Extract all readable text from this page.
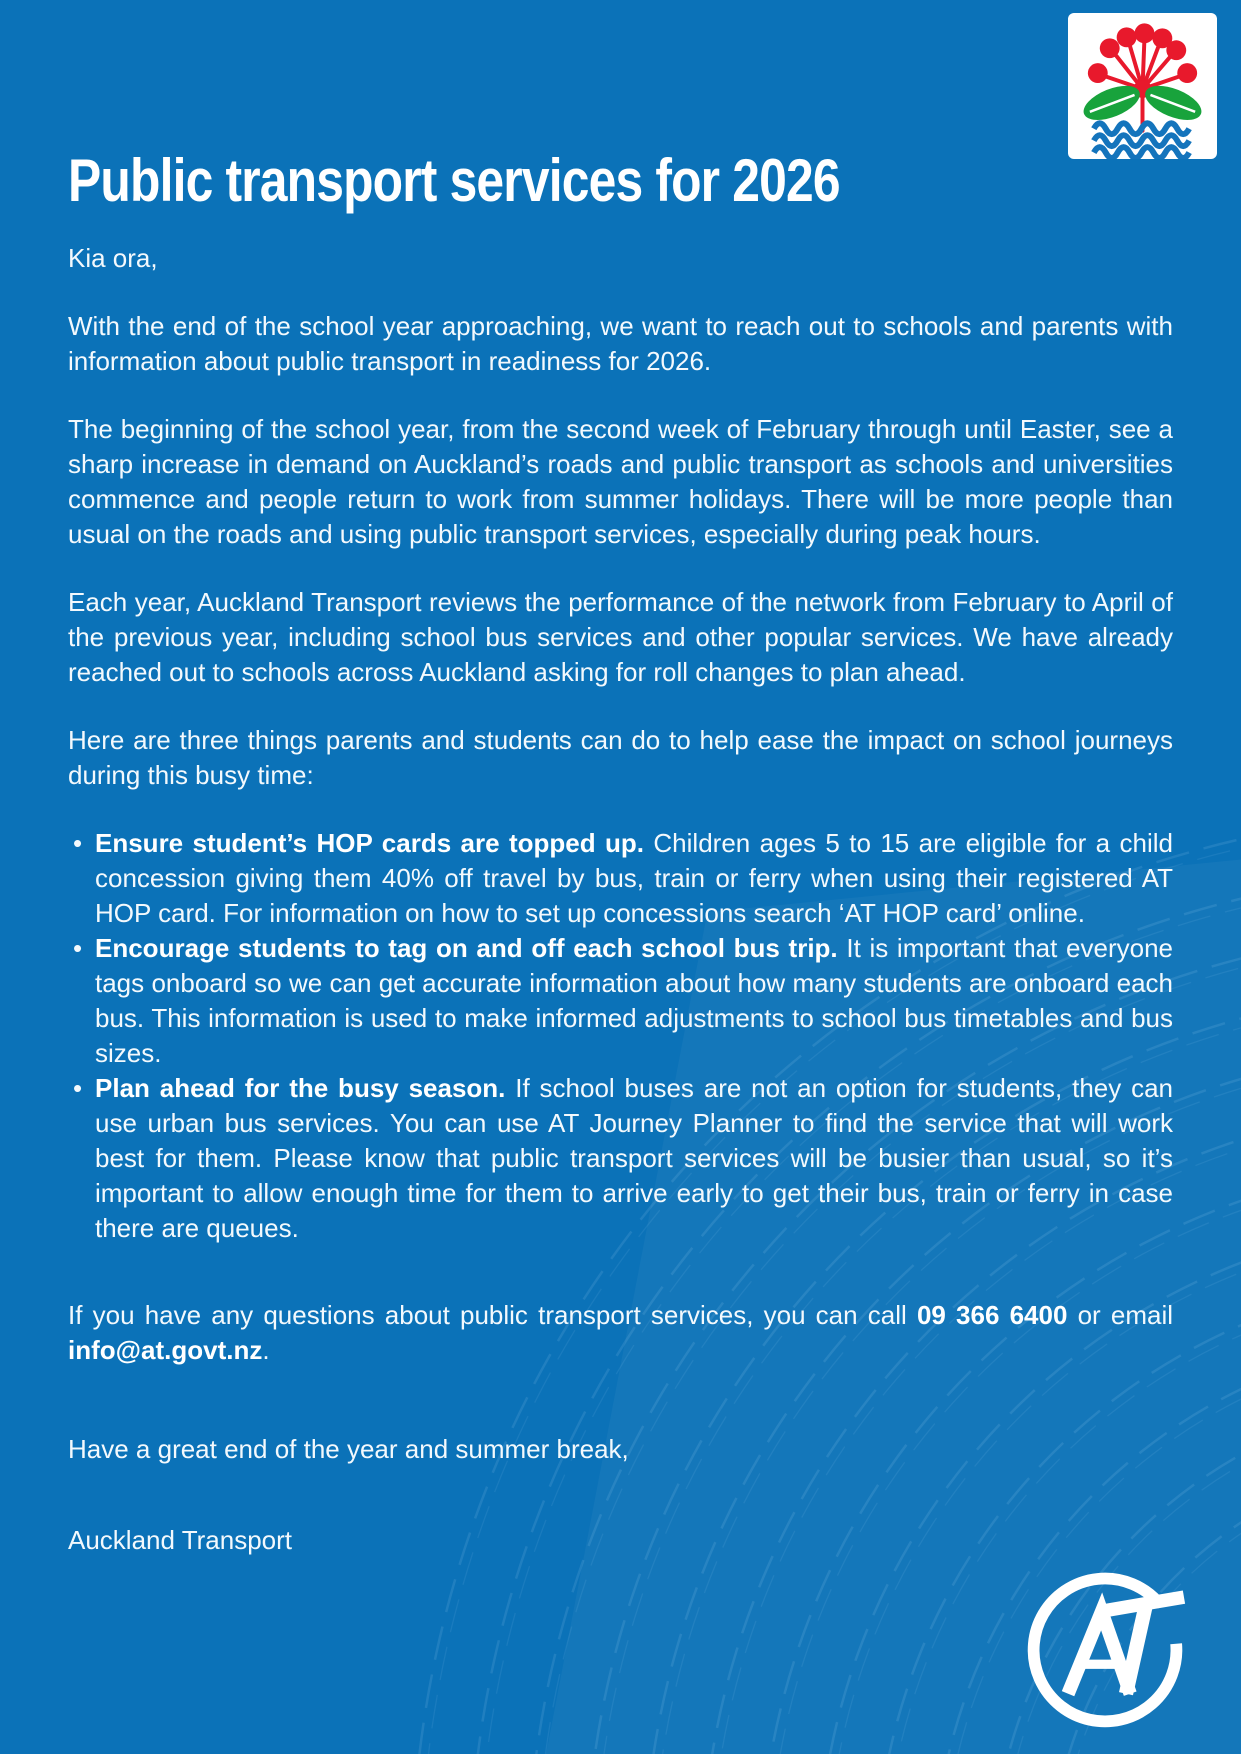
Public transport services for 2026

Kia ora,

With the end of the school year approaching, we want to reach out to schools and parents with information about public transport in readiness for 2026.

The beginning of the school year, from the second week of February through until Easter, see a sharp increase in demand on Auckland’s roads and public transport as schools and universities commence and people return to work from summer holidays. There will be more people than usual on the roads and using public transport services, especially during peak hours.

Each year, Auckland Transport reviews the performance of the network from February to April of the previous year, including school bus services and other popular services. We have already reached out to schools across Auckland asking for roll changes to plan ahead.

Here are three things parents and students can do to help ease the impact on school journeys during this busy time:

• Ensure student’s HOP cards are topped up. Children ages 5 to 15 are eligible for a child concession giving them 40% off travel by bus, train or ferry when using their registered AT HOP card. For information on how to set up concessions search ‘AT HOP card’ online.
• Encourage students to tag on and off each school bus trip. It is important that everyone tags onboard so we can get accurate information about how many students are onboard each bus. This information is used to make informed adjustments to school bus timetables and bus sizes.
• Plan ahead for the busy season. If school buses are not an option for students, they can use urban bus services. You can use AT Journey Planner to find the service that will work best for them. Please know that public transport services will be busier than usual, so it’s important to allow enough time for them to arrive early to get their bus, train or ferry in case there are queues.

If you have any questions about public transport services, you can call 09 366 6400 or email info@at.govt.nz.

Have a great end of the year and summer break,

Auckland Transport
